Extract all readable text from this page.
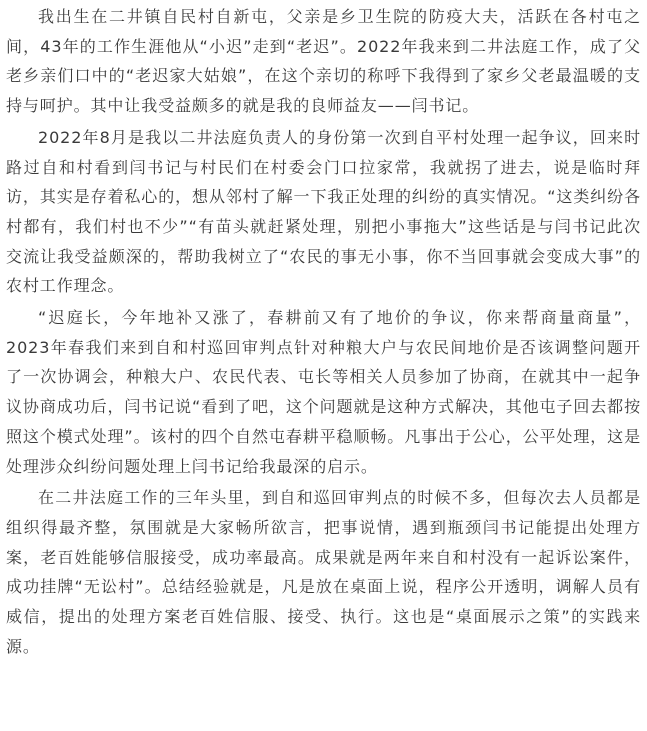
我出生在二井镇自民村自新屯，父亲是乡卫生院的防疫大夫，活跃在各村屯之间，43年的工作生涯他从“小迟”走到“老迟”。2022年我来到二井法庭工作，成了父老乡亲们口中的“老迟家大姑娘”，在这个亲切的称呼下我得到了家乡父老最温暖的支持与呵护。其中让我受益颇多的就是我的良师益友——闫书记。

2022年8月是我以二井法庭负责人的身份第一次到自平村处理一起争议，回来时路过自和村看到闫书记与村民们在村委会门口拉家常，我就拐了进去，说是临时拜访，其实是存着私心的，想从邻村了解一下我正处理的纠纷的真实情况。“这类纠纷各村都有，我们村也不少”“有苗头就赶紧处理，别把小事拖大”这些话是与闫书记此次交流让我受益颇深的，帮助我树立了“农民的事无小事，你不当回事就会变成大事”的农村工作理念。

“迟庭长，今年地补又涨了，春耕前又有了地价的争议，你来帮商量商量”，2023年春我们来到自和村巡回审判点针对种粮大户与农民间地价是否该调整问题开了一次协调会，种粮大户、农民代表、屯长等相关人员参加了协商，在就其中一起争议协商成功后，闫书记说“看到了吧，这个问题就是这种方式解决，其他屯子回去都按照这个模式处理”。该村的四个自然屯春耕平稳顺畅。凡事出于公心，公平处理，这是处理涉众纠纷问题处理上闫书记给我最深的启示。

在二井法庭工作的三年头里，到自和巡回审判点的时候不多，但每次去人员都是组织得最齐整，氛围就是大家畅所欲言，把事说情，遇到瓶颈闫书记能提出处理方案，老百姓能够信服接受，成功率最高。成果就是两年来自和村没有一起诉讼案件，成功挂牌“无讼村”。总结经验就是，凡是放在桌面上说，程序公开透明，调解人员有威信，提出的处理方案老百姓信服、接受、执行。这也是“桌面展示之策”的实践来源。
